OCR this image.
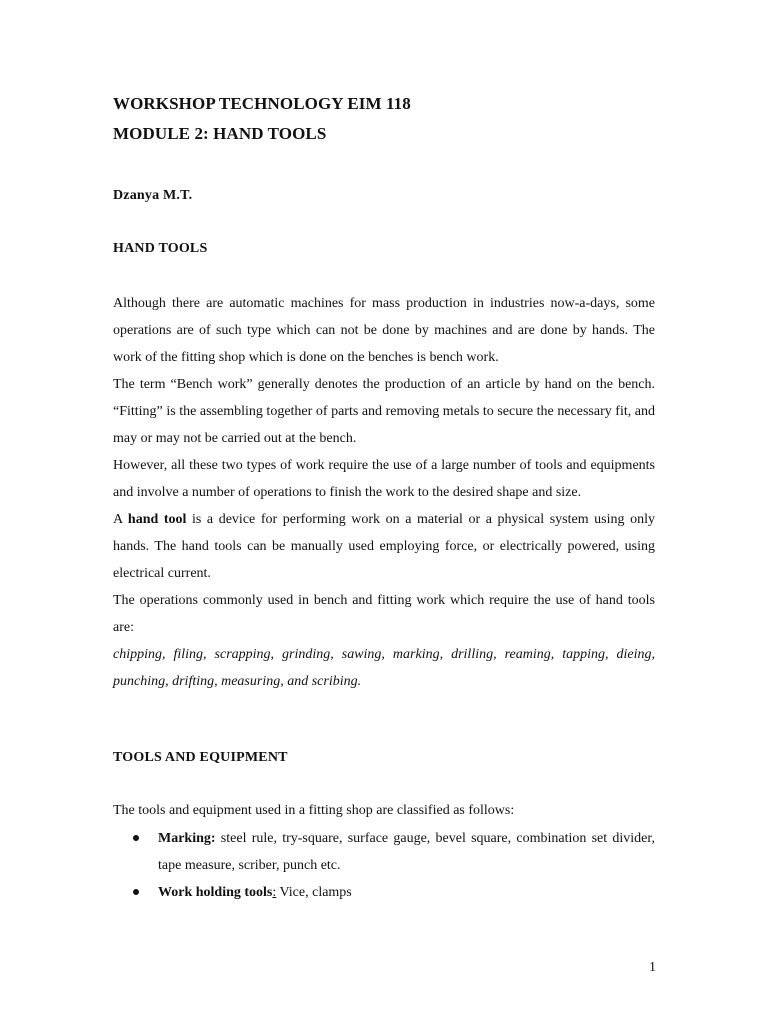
WORKSHOP TECHNOLOGY EIM 118
MODULE 2: HAND TOOLS
Dzanya M.T.
HAND TOOLS

Although there are automatic machines for mass production in industries now-a-days, some operations are of such type which can not be done by machines and are done by hands. The work of the fitting shop which is done on the benches is bench work.

The term “Bench work” generally denotes the production of an article by hand on the bench. “Fitting” is the assembling together of parts and removing metals to secure the necessary fit, and may or may not be carried out at the bench.

However, all these two types of work require the use of a large number of tools and equipments and involve a number of operations to finish the work to the desired shape and size.

A hand tool is a device for performing work on a material or a physical system using only hands. The hand tools can be manually used employing force, or electrically powered, using electrical current.

The operations commonly used in bench and fitting work which require the use of hand tools are:

chipping, filing, scrapping, grinding, sawing, marking, drilling, reaming, tapping, dieing, punching, drifting, measuring, and scribing.

TOOLS AND EQUIPMENT
The tools and equipment used in a fitting shop are classified as follows:
Marking: steel rule, try-square, surface gauge, bevel square, combination set divider, tape measure, scriber, punch etc.
Work holding tools: Vice, clamps
1
